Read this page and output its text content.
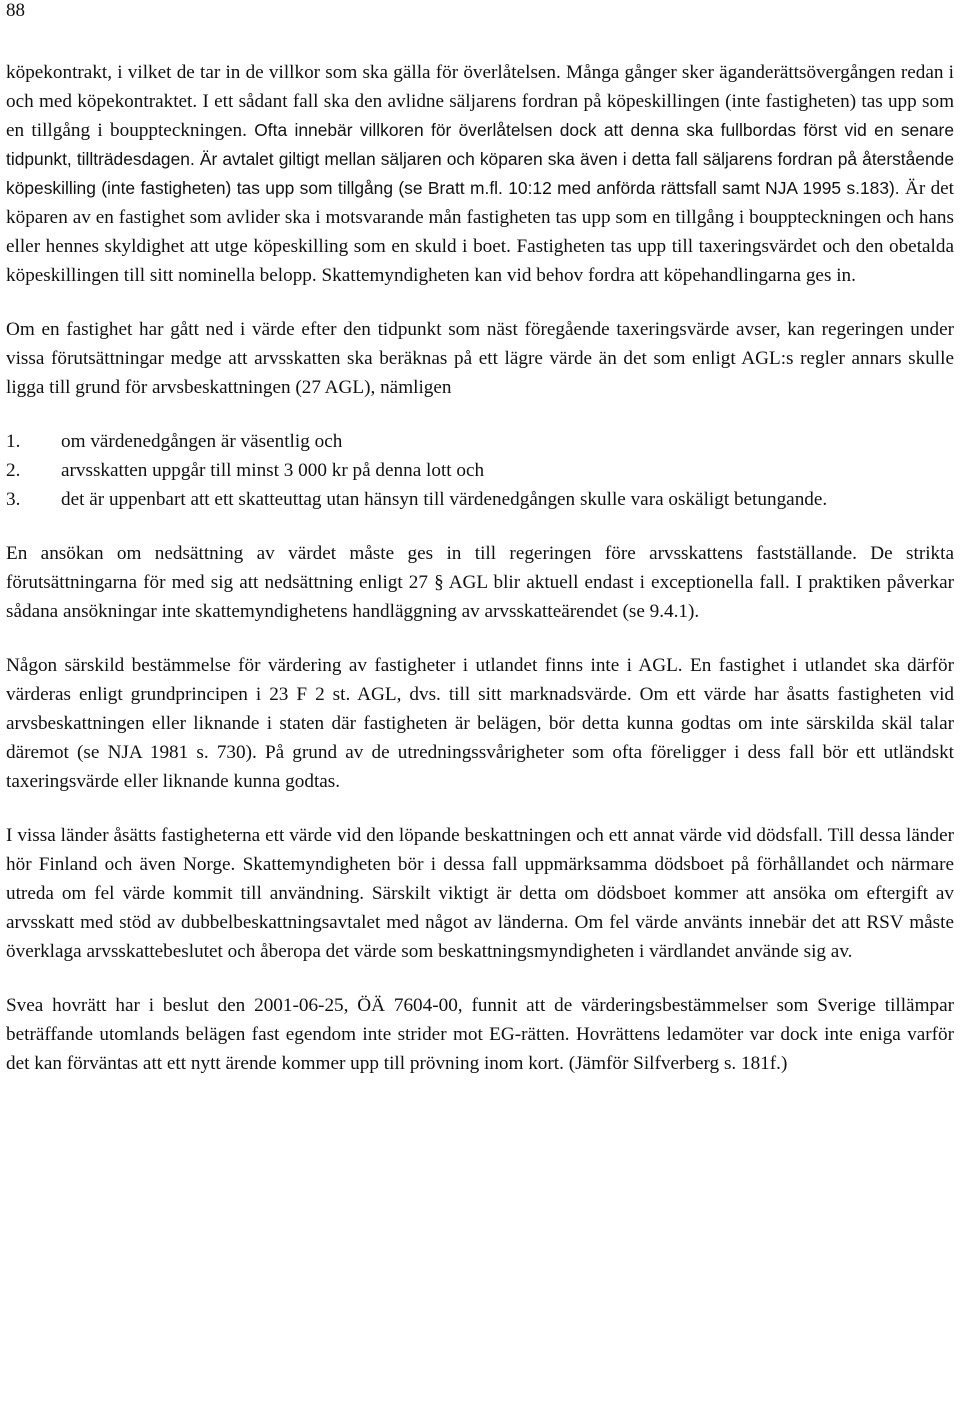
88

köpekontrakt, i vilket de tar in de villkor som ska gälla för överlåtelsen. Många gånger sker äganderättsövergången redan i och med köpekontraktet. I ett sådant fall ska den avlidne säljarens fordran på köpeskillingen (inte fastigheten) tas upp som en tillgång i bouppteckningen. Ofta innebär villkoren för överlåtelsen dock att denna ska fullbordas först vid en senare tidpunkt, tillträdesdagen. Är avtalet giltigt mellan säljaren och köparen ska även i detta fall säljarens fordran på återstående köpeskilling (inte fastigheten) tas upp som tillgång (se Bratt m.fl. 10:12 med anförda rättsfall samt NJA 1995 s.183). Är det köparen av en fastighet som avlider ska i motsvarande mån fastigheten tas upp som en tillgång i bouppteckningen och hans eller hennes skyldighet att utge köpeskilling som en skuld i boet. Fastigheten tas upp till taxeringsvärdet och den obetalda köpeskillingen till sitt nominella belopp. Skattemyndigheten kan vid behov fordra att köpehandlingarna ges in.

Om en fastighet har gått ned i värde efter den tidpunkt som näst föregående taxeringsvärde avser, kan regeringen under vissa förutsättningar medge att arvsskatten ska beräknas på ett lägre värde än det som enligt AGL:s regler annars skulle ligga till grund för arvsbeskattningen (27 AGL), nämligen

1.	om värdenedgången är väsentlig och
2.	arvsskatten uppgår till minst 3 000 kr på denna lott och
3.	det är uppenbart att ett skatteuttag utan hänsyn till värdenedgången skulle vara oskäligt betungande.

En ansökan om nedsättning av värdet måste ges in till regeringen före arvsskattens fastställande. De strikta förutsättningarna för med sig att nedsättning enligt 27 § AGL blir aktuell endast i exceptionella fall. I praktiken påverkar sådana ansökningar inte skattemyndighetens handläggning av arvsskatteärendet (se 9.4.1).

Någon särskild bestämmelse för värdering av fastigheter i utlandet finns inte i AGL. En fastighet i utlandet ska därför värderas enligt grundprincipen i 23 F 2 st. AGL, dvs. till sitt marknadsvärde. Om ett värde har åsatts fastigheten vid arvsbeskattningen eller liknande i staten där fastigheten är belägen, bör detta kunna godtas om inte särskilda skäl talar däremot (se NJA 1981 s. 730). På grund av de utredningssvårigheter som ofta föreligger i dess fall bör ett utländskt taxeringsvärde eller liknande kunna godtas.

I vissa länder åsätts fastigheterna ett värde vid den löpande beskattningen och ett annat värde vid dödsfall. Till dessa länder hör Finland och även Norge. Skattemyndigheten bör i dessa fall uppmärksamma dödsboet på förhållandet och närmare utreda om fel värde kommit till användning. Särskilt viktigt är detta om dödsboet kommer att ansöka om eftergift av arvsskatt med stöd av dubbelbeskattningsavtalet med något av länderna. Om fel värde använts innebär det att RSV måste överklaga arvsskattebeslutet och åberopa det värde som beskattningsmyndigheten i värdlandet använde sig av.

Svea hovrätt har i beslut den 2001-06-25, ÖÄ 7604-00, funnit att de värderingsbestämmelser som Sverige tillämpar beträffande utomlands belägen fast egendom inte strider mot EG-rätten. Hovrättens ledamöter var dock inte eniga varför det kan förväntas att ett nytt ärende kommer upp till prövning inom kort. (Jämför Silfverberg s. 181f.)
